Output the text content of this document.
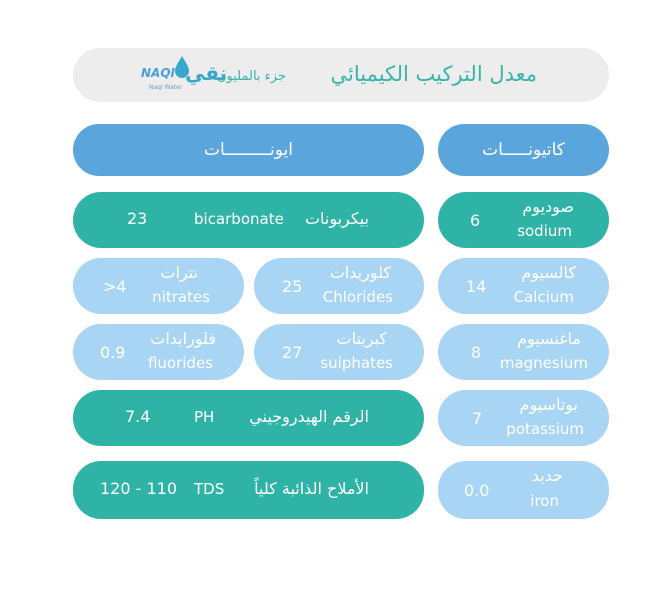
NAQI نقي
Naqi Water
جزء بالمليون معدل التركيب الكيميائي
ايونـــــــــات	كاتيونـــــات
بيكربونات
bicarbonate
23
صوديوم
sodium
6
نترات
nitrates
>4
كلوريدات
Chlorides
25
كالسيوم
Calcium
14
فلورايدات
fluorides
0.9
كبريتات
sulphates
27
ماغنسيوم
magnesium
8
الرقم الهيدروجيني
PH
7.4
بوتاسيوم
potassium
7
الأملاح الذائبة كلياً
TDS
120 - 110
حديد
iron
0.0
